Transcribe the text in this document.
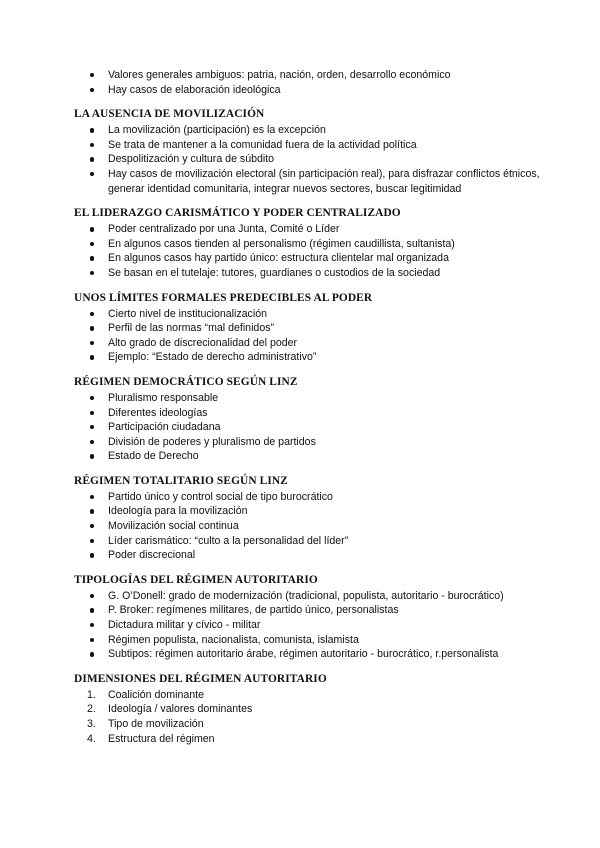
Valores generales ambiguos: patria, nación, orden, desarrollo económico
Hay casos de elaboración ideológica
LA AUSENCIA DE MOVILIZACIÓN
La movilización (participación) es la excepción
Se trata de mantener a la comunidad fuera de la actividad política
Despolitización y cultura de súbdito
Hay casos de movilización electoral (sin participación real), para disfrazar conflictos étnicos, generar identidad comunitaria, integrar nuevos sectores, buscar legitimidad
EL LIDERAZGO CARISMÁTICO Y PODER CENTRALIZADO
Poder centralizado por una Junta, Comité o Líder
En algunos casos tienden al personalismo (régimen caudillista, sultanista)
En algunos casos hay partido único: estructura clientelar mal organizada
Se basan en el tutelaje: tutores, guardianes o custodios de la sociedad
UNOS LÍMITES FORMALES PREDECIBLES AL PODER
Cierto nivel de institucionalización
Perfil de las normas “mal definidos”
Alto grado de discrecionalidad del poder
Ejemplo: “Estado de derecho administrativo”
RÉGIMEN DEMOCRÁTICO SEGÚN LINZ
Pluralismo responsable
Diferentes ideologías
Participación ciudadana
División de poderes y pluralismo de partidos
Estado de Derecho
RÉGIMEN TOTALITARIO SEGÚN LINZ
Partido único y control social de tipo burocrático
Ideología para la movilización
Movilización social continua
Líder carismático: “culto a la personalidad del líder”
Poder discrecional
TIPOLOGÍAS DEL RÉGIMEN AUTORITARIO
G. O’Donell: grado de modernización (tradicional, populista, autoritario - burocrático)
P. Broker: regímenes militares, de partido único, personalistas
Dictadura militar y cívico - militar
Régimen populista, nacionalista, comunista, islamista
Subtipos: régimen autoritario árabe, régimen autoritario - burocrático, r.personalista
DIMENSIONES DEL RÉGIMEN AUTORITARIO
Coalición dominante
Ideología / valores dominantes
Tipo de movilización
Estructura del régimen
